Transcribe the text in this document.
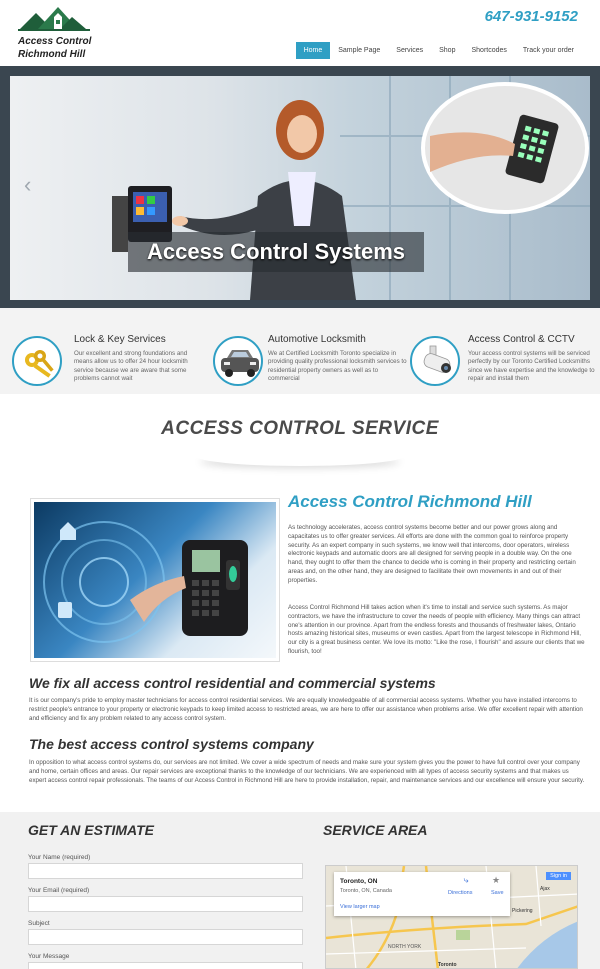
Access Control
Richmond Hill
647-931-9152
Home	Sample Page	Services	Shop	Shortcodes	Track your order
‹
Access Control Systems
Lock & Key Services
Our excellent and strong foundations and means allow us to offer 24 hour locksmith service because we are aware that some problems cannot wait
Automotive Locksmith
We at Certified Locksmith Toronto specialize in providing quality professional locksmith services to residential property owners as well as to commercial
Access Control & CCTV
Your access control systems will be serviced perfectly by our Toronto Certified Locksmiths since we have expertise and the knowledge to repair and install them
ACCESS CONTROL SERVICE
Access Control Richmond Hill
As technology accelerates, access control systems become better and our power grows along and capacitates us to offer greater services. All efforts are done with the common goal to reinforce property security. As an expert company in such systems, we know well that intercoms, door operators, wireless electronic keypads and automatic doors are all designed for serving people in a double way. On the one hand, they ought to offer them the chance to decide who is coming in their property and restricting certain areas and, on the other hand, they are designed to facilitate their own movements in and out of their properties.
Access Control Richmond Hill takes action when it's time to install and service such systems. As major contractors, we have the infrastructure to cover the needs of people with efficiency. Many things can attract one's attention in our province. Apart from the endless forests and thousands of freshwater lakes, Ontario hosts amazing historical sites, museums or even castles. Apart from the largest telescope in Richmond Hill, our city is a great business center. We love its motto: "Like the rose, I flourish" and assure our clients that we flourish, too!
We fix all access control residential and commercial systems
It is our company's pride to employ master technicians for access control residential services. We are equally knowledgeable of all commercial access systems. Whether you have installed intercoms to restrict people's entrance to your property or electronic keypads to keep limited access to restricted areas, we are here to offer our assistance when problems arise. We offer excellent repair with attention and efficiency and fix any problem related to any access control system.
The best access control systems company
In opposition to what access control systems do, our services are not limited. We cover a wide spectrum of needs and make sure your system gives you the power to have full control over your company and home, certain offices and areas. Our repair services are exceptional thanks to the knowledge of our technicians. We are experienced with all types of access security systems and that makes us expert access control repair professionals. The teams of our Access Control in Richmond Hill are here to provide installation, repair, and maintenance services and our excellence will ensure your security.
GET AN ESTIMATE	SERVICE AREA
Your Name (required)
Your Email (required)
Subject
Your Message
Toronto, ON
Toronto, ON, Canada
View larger map
⤷
Directions
★
Save
Sign in
Ajax
Pickering
NORTH YORK
Toronto
